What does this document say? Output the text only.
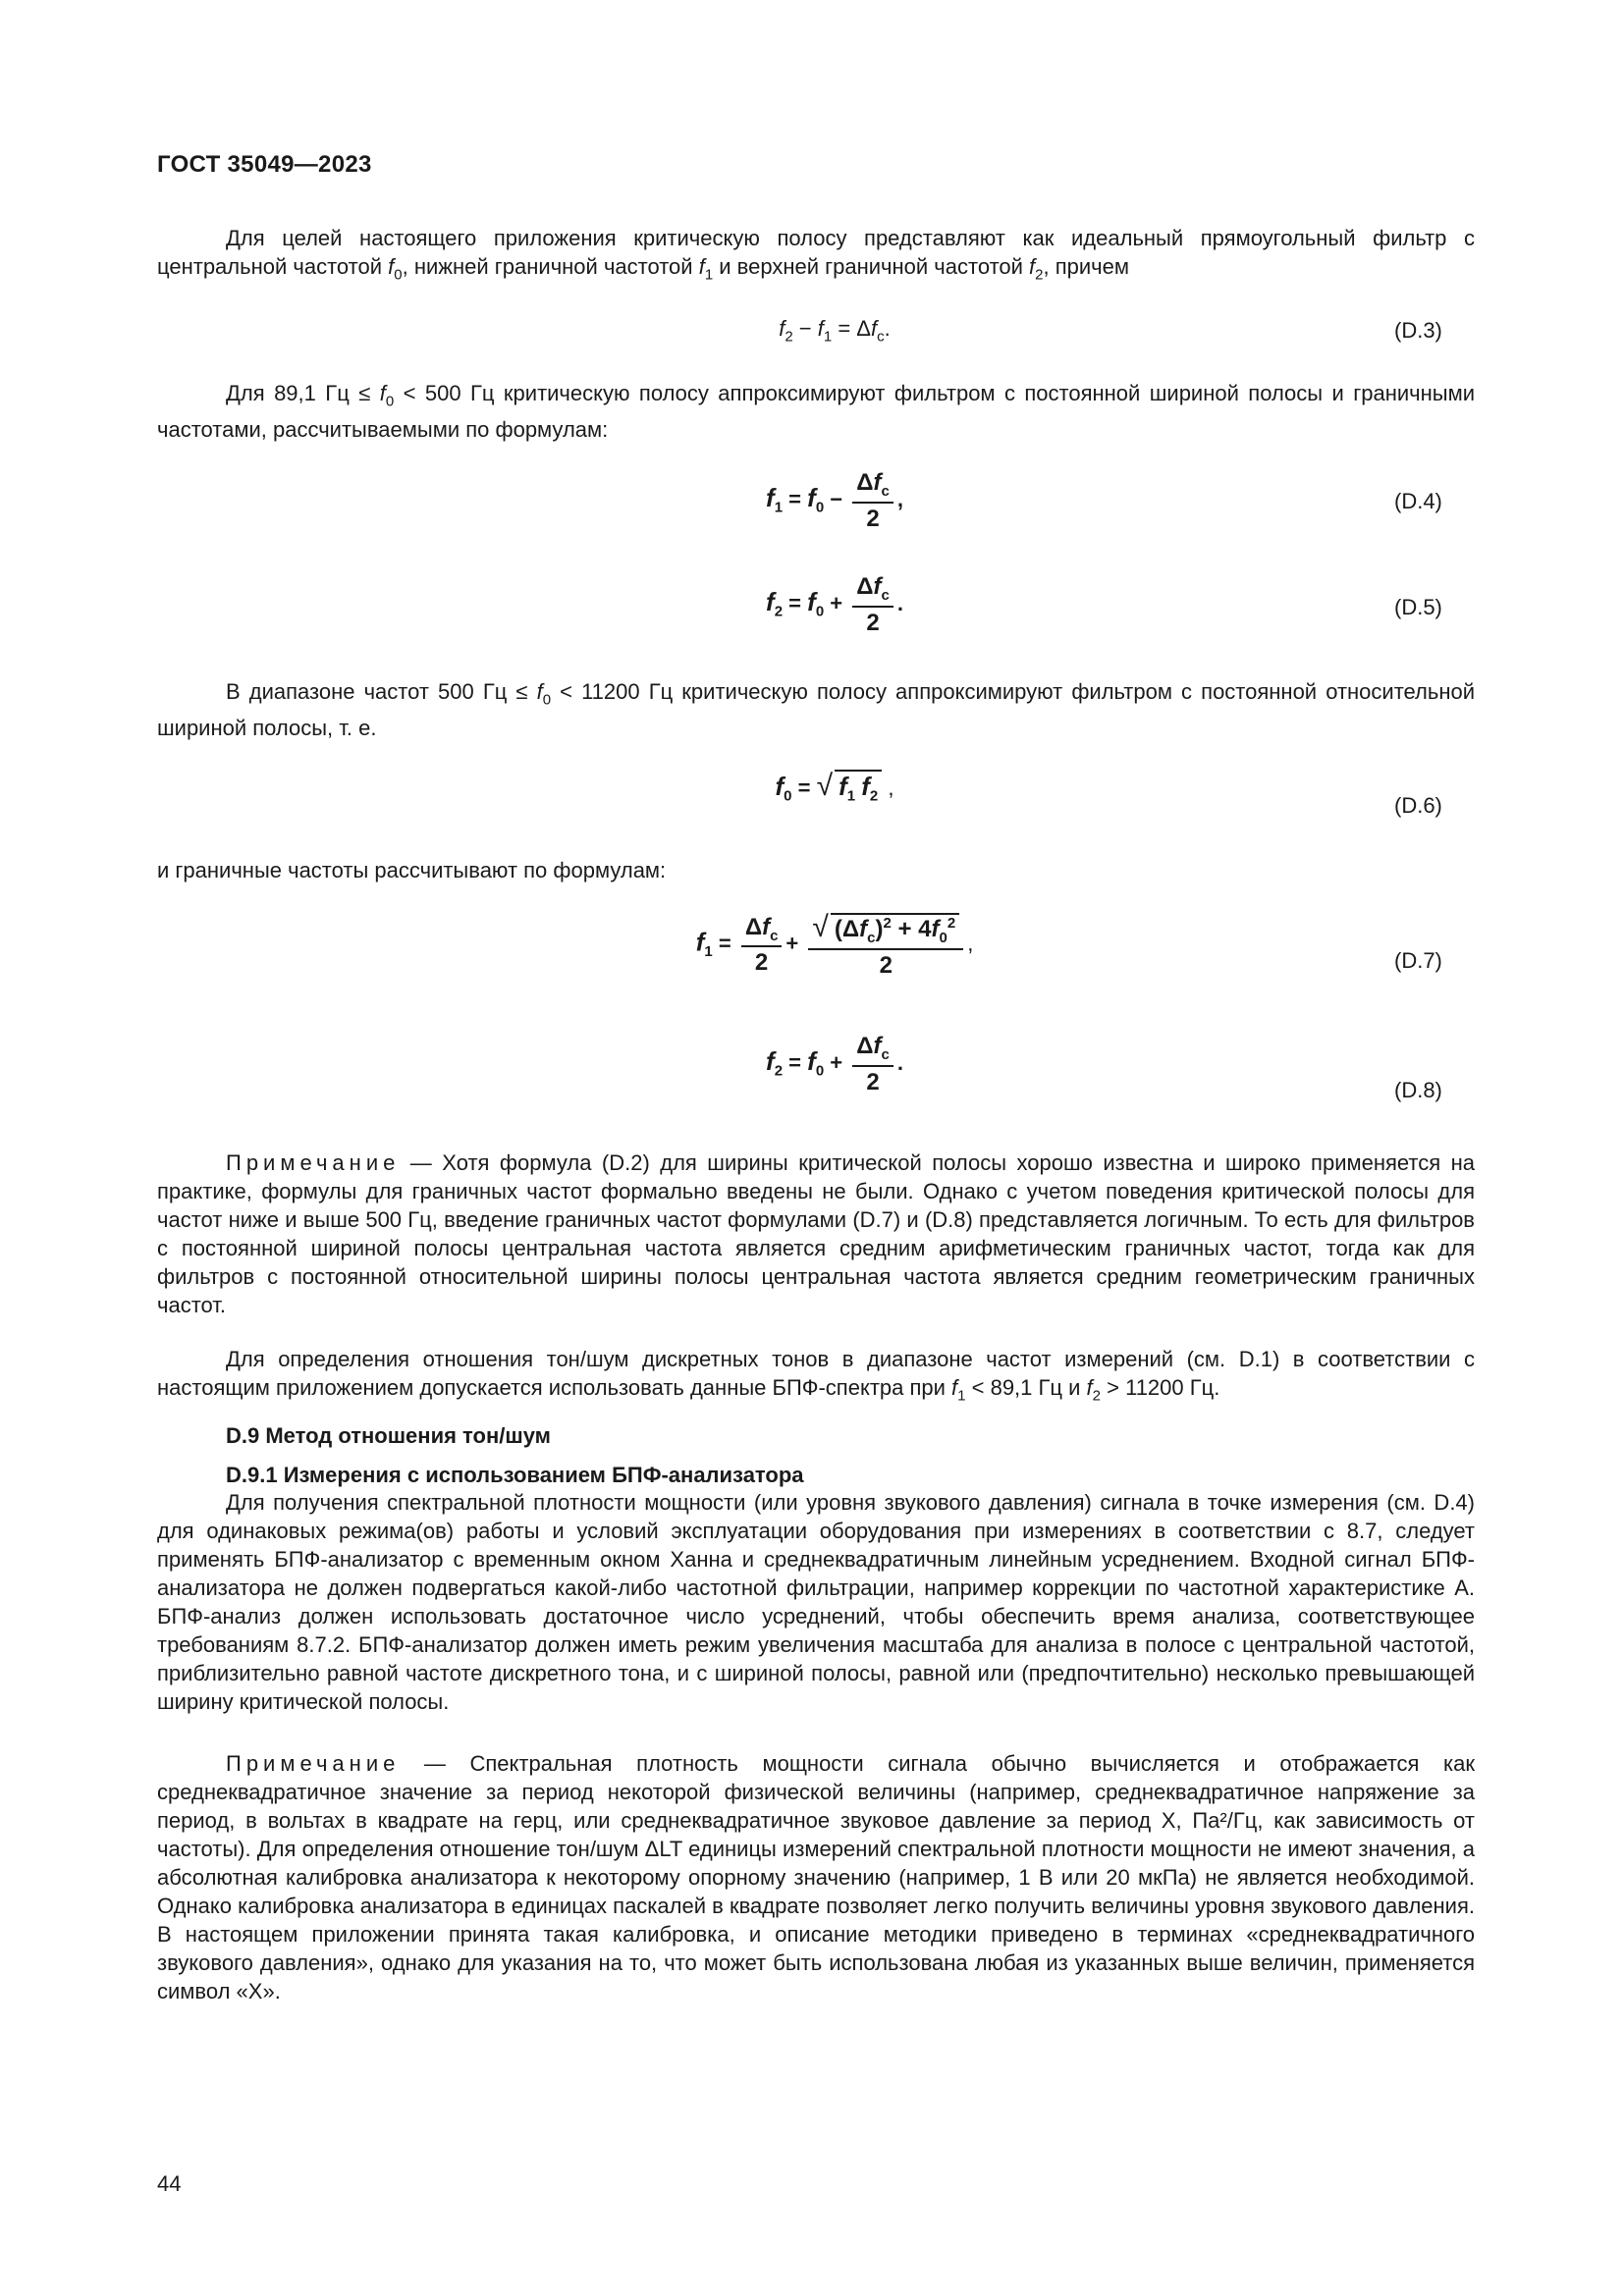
ГОСТ 35049—2023

Для целей настоящего приложения критическую полосу представляют как идеальный прямоугольный фильтр с центральной частотой $f_0$, нижней граничной частотой $f_1$ и верхней граничной частотой $f_2$, причем

$f_2 - f_1 = \Delta f_c$.	(D.3)

Для 89,1 Гц ≤ $f_0 < 500$ Гц критическую полосу аппроксимируют фильтром с постоянной шириной полосы и граничными частотами, рассчитываемыми по формулам:

$f_1 = f_0 - \frac{\Delta f_c}{2}$ ,	(D.4)
$f_2 = f_0 + \frac{\Delta f_c}{2}$ .	(D.5)

В диапазоне частот 500 Гц ≤ $f_0 < 11200$ Гц критическую полосу аппроксимируют фильтром с постоянной относительной шириной полосы, т. е.

$f_0$ = √ $f_1$ $f_2$ ,
(D.6)

и граничные частоты рассчитывают по формулам:

$f_1 = \frac{\Delta f_c}{2} + \frac{√ (\Delta f_c)^2 + 4f_0^2}{2}$ ,
(D.7)
$f_2 = f_0 + \frac{\Delta f_c}{2}$ .
(D.8)

Примечание — Хотя формула (D.2) для ширины критической полосы хорошо известна и широко применяется на практике, формулы для граничных частот формально введены не были. Однако с учетом поведения критической полосы для частот ниже и выше 500 Гц, введение граничных частот формулами (D.7) и (D.8) представляется логичным. То есть для фильтров с постоянной шириной полосы центральная частота является средним арифметическим граничных частот, тогда как для фильтров с постоянной относительной ширины полосы центральная частота является средним геометрическим граничных частот.

Для определения отношения тон/шум дискретных тонов в диапазоне частот измерений (см. D.1) в соответствии с настоящим приложением допускается использовать данные БПФ-спектра при $f_1 < 89,1$ Гц и $f_2 > 11200$ Гц.

D.9 Метод отношения тон/шум
D.9.1 Измерения с использованием БПФ-анализатора

Для получения спектральной плотности мощности (или уровня звукового давления) сигнала в точке измерения (см. D.4) для одинаковых режима(ов) работы и условий эксплуатации оборудования при измерениях в соответствии с 8.7, следует применять БПФ-анализатор с временным окном Ханна и среднеквадратичным линейным усреднением. Входной сигнал БПФ-анализатора не должен подвергаться какой-либо частотной фильтрации, например коррекции по частотной характеристике A. БПФ-анализ должен использовать достаточное число усреднений, чтобы обеспечить время анализа, соответствующее требованиям 8.7.2. БПФ-анализатор должен иметь режим увеличения масштаба для анализа в полосе с центральной частотой, приблизительно равной частоте дискретного тона, и с шириной полосы, равной или (предпочтительно) несколько превышающей ширину критической полосы.

Примечание — Спектральная плотность мощности сигнала обычно вычисляется и отображается как среднеквадратичное значение за период некоторой физической величины (например, среднеквадратичное напряжение за период, в вольтах в квадрате на герц, или среднеквадратичное звуковое давление за период X, Па²/Гц, как зависимость от частоты). Для определения отношение тон/шум ΔLT единицы измерений спектральной плотности мощности не имеют значения, а абсолютная калибровка анализатора к некоторому опорному значению (например, 1 В или 20 мкПа) не является необходимой. Однако калибровка анализатора в единицах паскалей в квадрате позволяет легко получить величины уровня звукового давления. В настоящем приложении принята такая калибровка, и описание методики приведено в терминах «среднеквадратичного звукового давления», однако для указания на то, что может быть использована любая из указанных выше величин, применяется символ «X».

44
